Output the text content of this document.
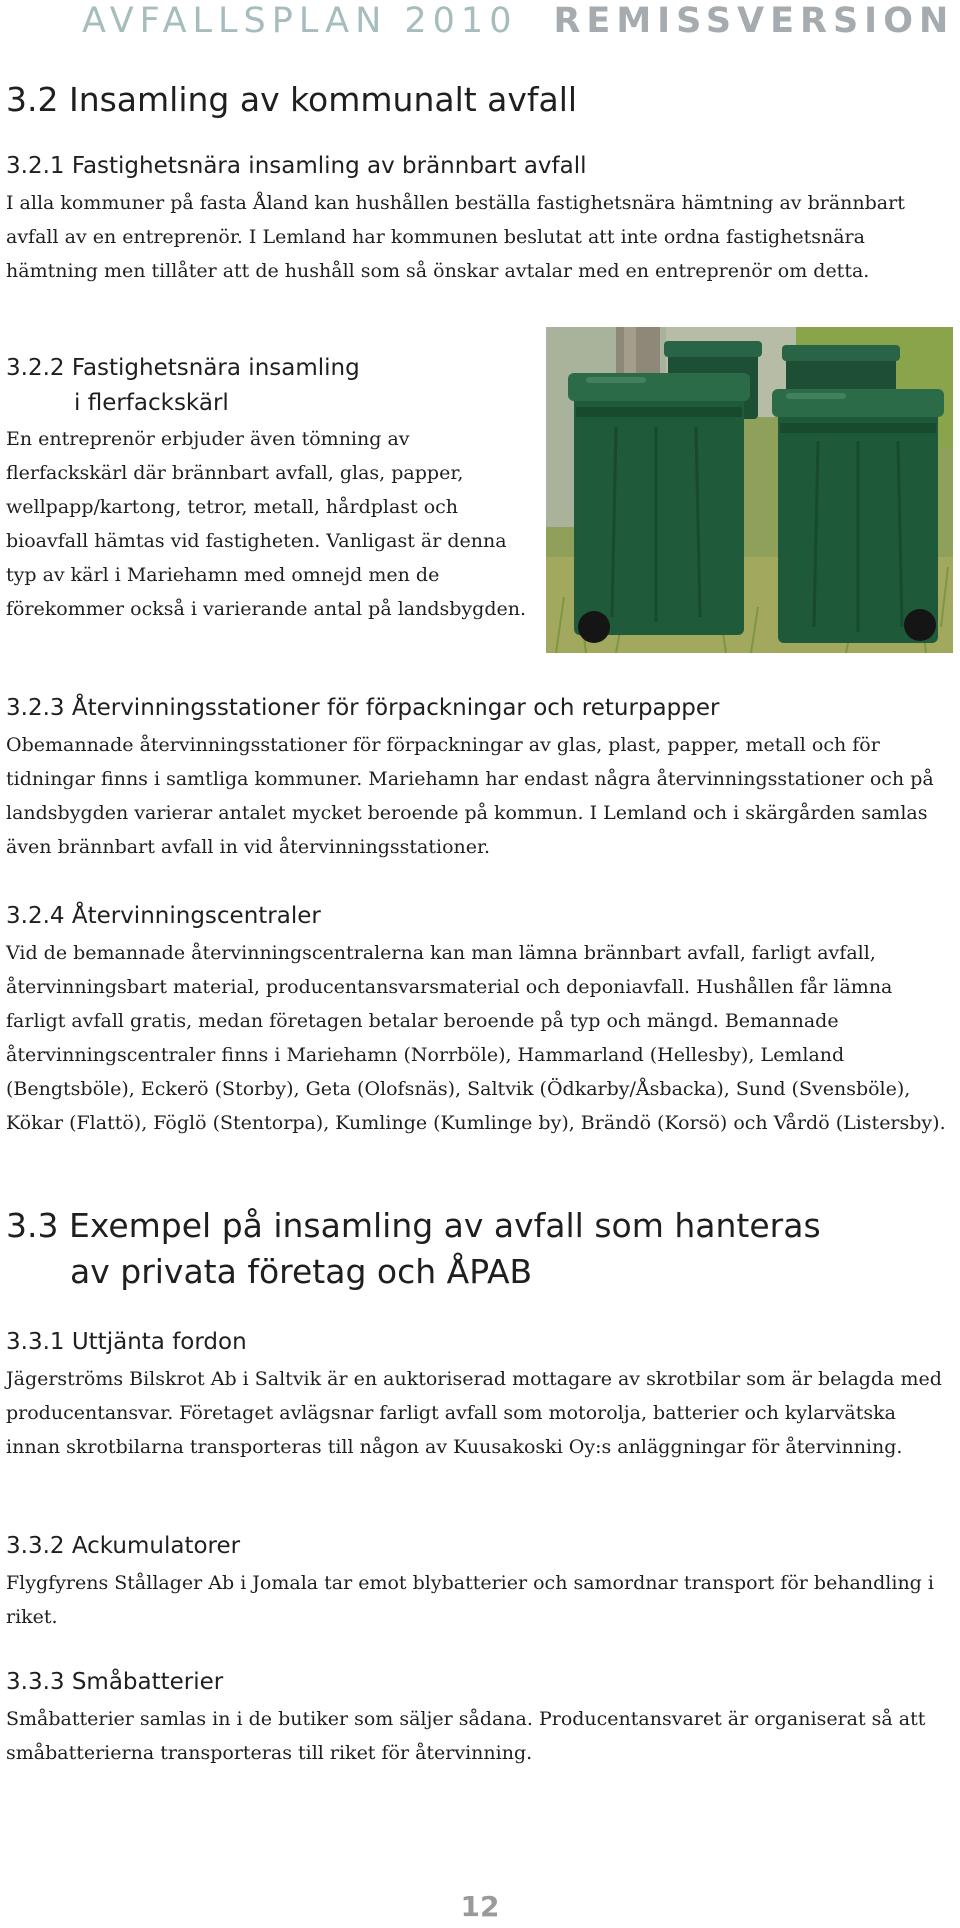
AVFALLSPLAN 2010 REMISSVERSION
3.2 Insamling av kommunalt avfall
3.2.1 Fastighetsnära insamling av brännbart avfall

I alla kommuner på fasta Åland kan hushållen beställa fastighetsnära hämtning av brännbart avfall av en entreprenör. I Lemland har kommunen beslutat att inte ordna fastighetsnära hämtning men tillåter att de hushåll som så önskar avtalar med en entreprenör om detta.

3.2.2 Fastighetsnära insamling
i flerfackskärl

En entreprenör erbjuder även tömning av flerfackskärl där brännbart avfall, glas, papper, wellpapp/kartong, tetror, metall, hårdplast och bioavfall hämtas vid fastigheten. Vanligast är denna typ av kärl i Mariehamn med omnejd men de förekommer också i varierande antal på landsbygden.

3.2.3 Återvinningsstationer för förpackningar och returpapper

Obemannade återvinningsstationer för förpackningar av glas, plast, papper, metall och för tidningar finns i samtliga kommuner. Mariehamn har endast några återvinningsstationer och på landsbygden varierar antalet mycket beroende på kommun. I Lemland och i skärgården samlas även brännbart avfall in vid återvinningsstationer.

3.2.4 Återvinningscentraler

Vid de bemannade återvinningscentralerna kan man lämna brännbart avfall, farligt avfall, återvinningsbart material, producentansvarsmaterial och deponiavfall. Hushållen får lämna farligt avfall gratis, medan företagen betalar beroende på typ och mängd. Bemannade återvinningscentraler finns i Mariehamn (Norrböle), Hammarland (Hellesby), Lemland (Bengtsböle), Eckerö (Storby), Geta (Olofsnäs), Saltvik (Ödkarby/Åsbacka), Sund (Svensböle), Kökar (Flattö), Föglö (Stentorpa), Kumlinge (Kumlinge by), Brändö (Korsö) och Vårdö (Listersby).

3.3 Exempel på insamling av avfall som hanteras
av privata företag och ÅPAB
3.3.1 Uttjänta fordon

Jägerströms Bilskrot Ab i Saltvik är en auktoriserad mottagare av skrotbilar som är belagda med producentansvar. Företaget avlägsnar farligt avfall som motorolja, batterier och kylarvätska innan skrotbilarna transporteras till någon av Kuusakoski Oy:s anläggningar för återvinning.

3.3.2 Ackumulatorer

Flygfyrens Stållager Ab i Jomala tar emot blybatterier och samordnar transport för behandling i riket.

3.3.3 Småbatterier

Småbatterier samlas in i de butiker som säljer sådana. Producentansvaret är organiserat så att småbatterierna transporteras till riket för återvinning.

12
